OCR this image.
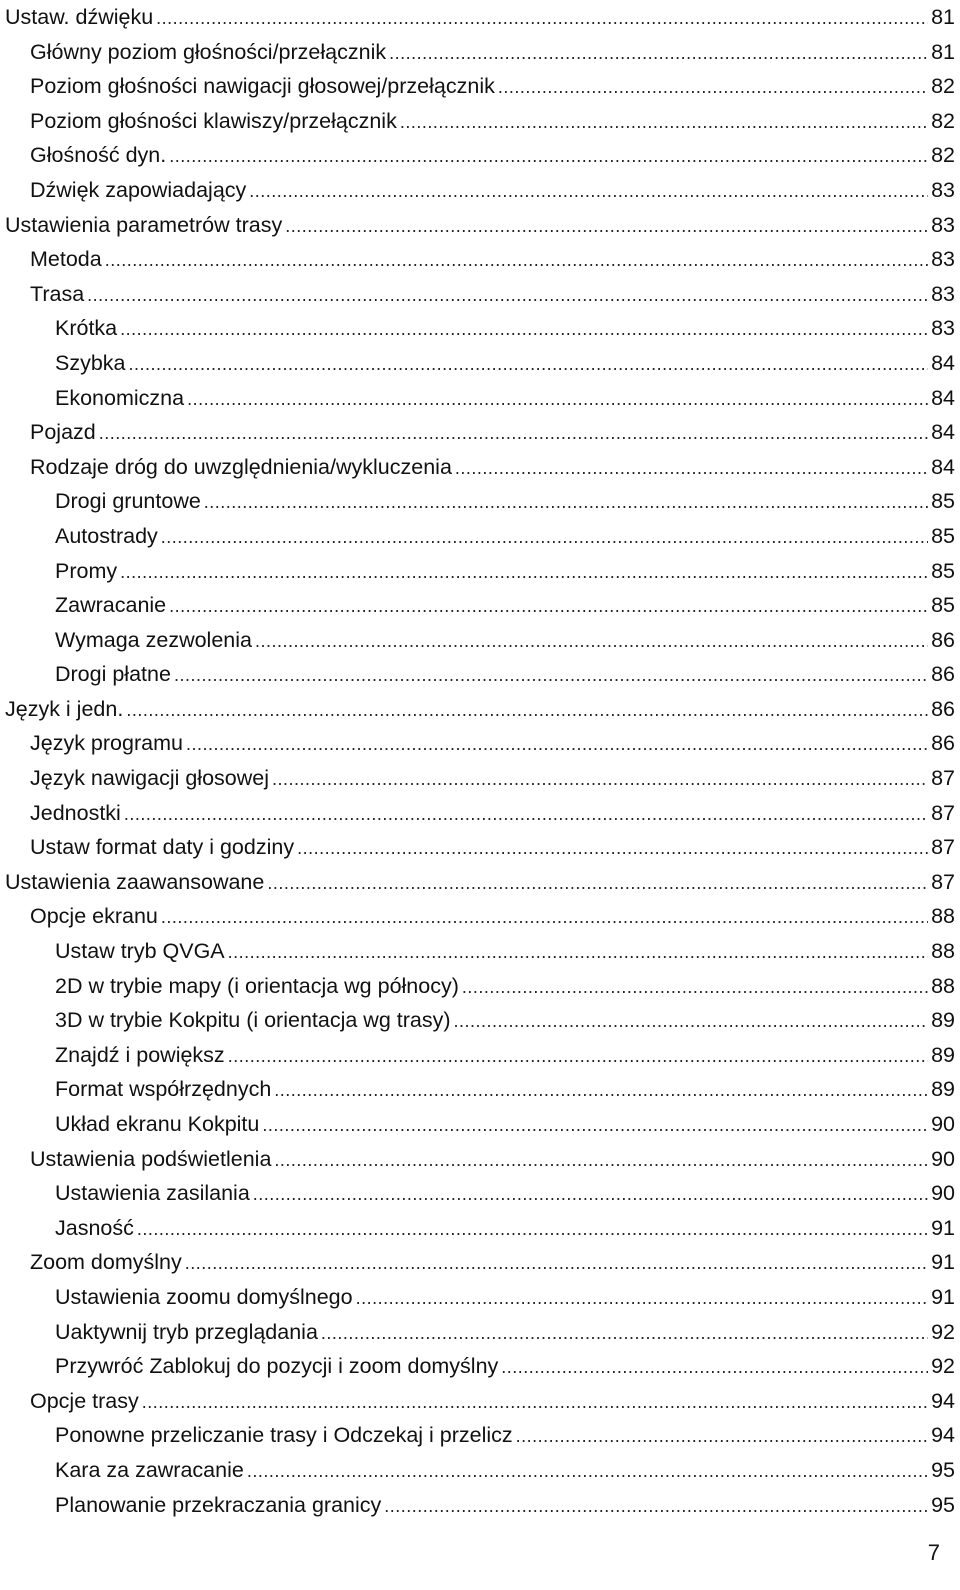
Ustaw. dźwięku .....	81
Główny poziom głośności/przełącznik .....	81
Poziom głośności nawigacji głosowej/przełącznik .....	82
Poziom głośności klawiszy/przełącznik .....	82
Głośność dyn. .....	82
Dźwięk zapowiadający .....	83
Ustawienia parametrów trasy .....	83
Metoda .....	83
Trasa .....	83
Krótka .....	83
Szybka .....	84
Ekonomiczna .....	84
Pojazd .....	84
Rodzaje dróg do uwzględnienia/wykluczenia .....	84
Drogi gruntowe .....	85
Autostrady .....	85
Promy .....	85
Zawracanie .....	85
Wymaga zezwolenia .....	86
Drogi płatne .....	86
Język i jedn. .....	86
Język programu .....	86
Język nawigacji głosowej .....	87
Jednostki .....	87
Ustaw format daty i godziny .....	87
Ustawienia zaawansowane .....	87
Opcje ekranu .....	88
Ustaw tryb QVGA .....	88
2D w trybie mapy (i orientacja wg północy) .....	88
3D w trybie Kokpitu (i orientacja wg trasy) .....	89
Znajdź i powiększ .....	89
Format współrzędnych .....	89
Układ ekranu Kokpitu .....	90
Ustawienia podświetlenia .....	90
Ustawienia zasilania .....	90
Jasność .....	91
Zoom domyślny .....	91
Ustawienia zoomu domyślnego .....	91
Uaktywnij tryb przeglądania .....	92
Przywróć Zablokuj do pozycji i zoom domyślny .....	92
Opcje trasy .....	94
Ponowne przeliczanie trasy i Odczekaj i przelicz .....	94
Kara za zawracanie .....	95
Planowanie przekraczania granicy .....	95
7
